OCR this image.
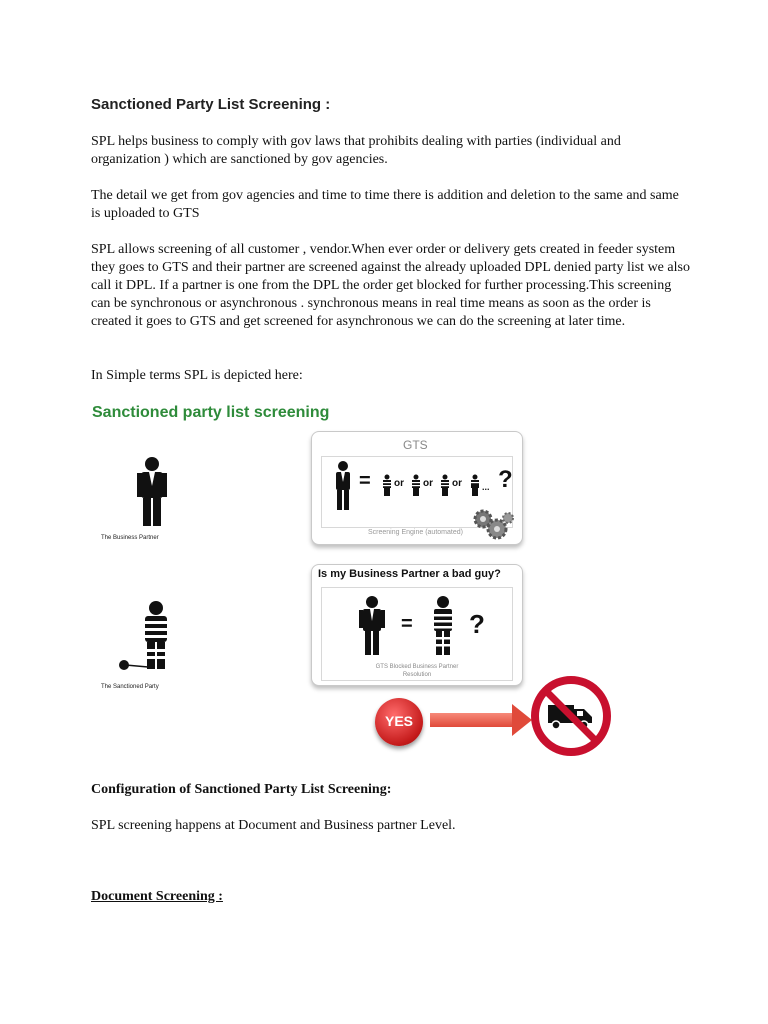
Sanctioned Party List Screening :

SPL helps business to comply with gov laws that prohibits dealing with parties (individual and organization ) which are sanctioned by gov agencies.

The detail we get from gov agencies and time to time there is addition and deletion to the same and same is uploaded to GTS

SPL allows screening of all customer , vendor.When ever order or delivery gets created in feeder system they goes to GTS and their partner are screened against the already uploaded DPL denied party list we also call it DPL. If a partner is one from the DPL the order get blocked for further processing.This screening can be synchronous or asynchronous . synchronous means in real time means as soon as the order is created it goes to GTS and get screened for asynchronous we can do the screening at later time.

In Simple terms SPL is depicted here:

Sanctioned party list screening
The Business Partner
The Sanctioned Party
GTS
= or or or ... ?
Screening Engine (automated)
Is my Business Partner a bad guy?
= ?
GTS Blocked Business Partner Resolution
YES
Configuration of Sanctioned Party List Screening:

SPL screening happens at Document and Business partner Level.

Document Screening :
